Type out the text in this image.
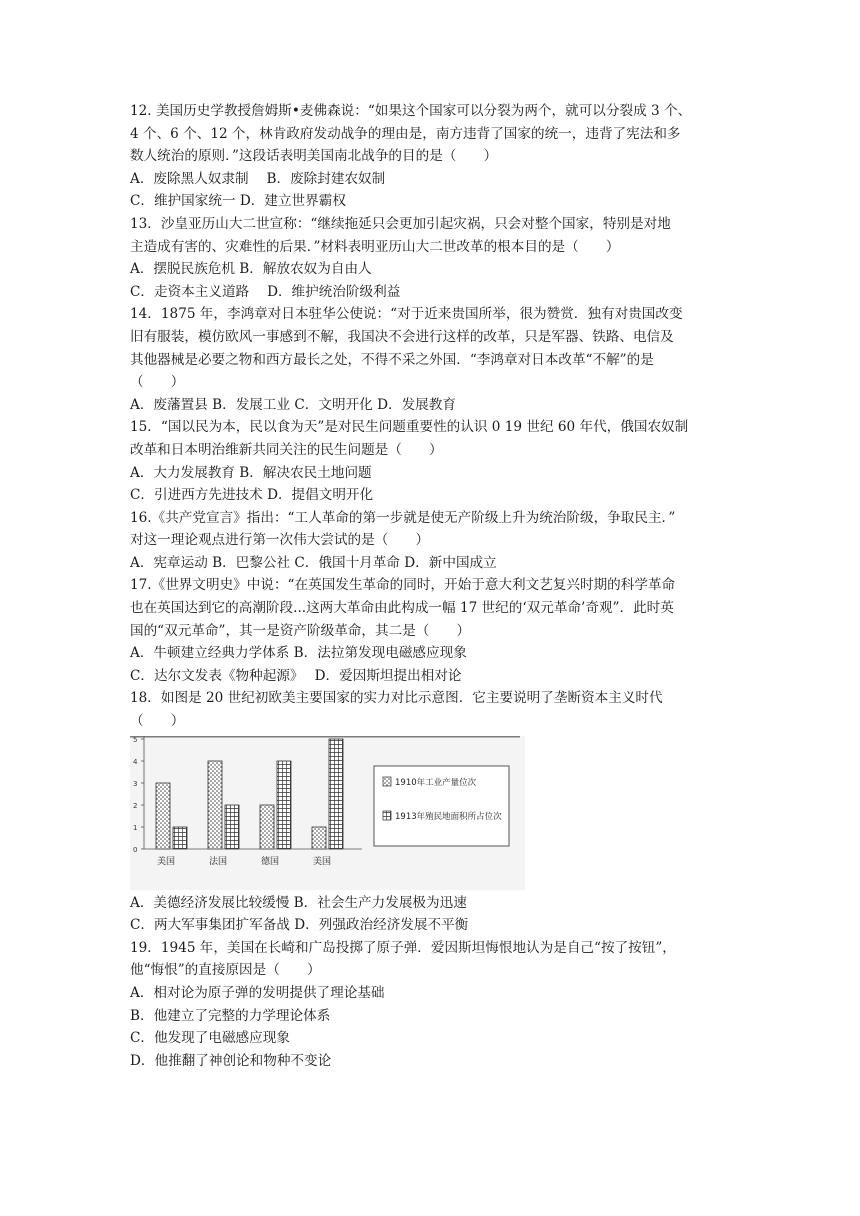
12. 美国历史学教授詹姆斯•麦佛森说：“如果这个国家可以分裂为两个，就可以分裂成 3 个、
4 个、6 个、12 个，林肯政府发动战争的理由是，南方违背了国家的统一，违背了宪法和多
数人统治的原则．”这段话表明美国南北战争的目的是（　　）
A．废除黑人奴隶制　 B．废除封建农奴制
C．维护国家统一 D．建立世界霸权
13．沙皇亚历山大二世宣称：“继续拖延只会更加引起灾祸，只会对整个国家，特别是对地
主造成有害的、灾难性的后果．”材料表明亚历山大二世改革的根本目的是（　　）
A．摆脱民族危机 B．解放农奴为自由人
C．走资本主义道路　 D．维护统治阶级利益
14．1875 年，李鸿章对日本驻华公使说：“对于近来贵国所举，很为赞赏．独有对贵国改变
旧有服装，模仿欧风一事感到不解，我国决不会进行这样的改革，只是军器、铁路、电信及
其他器械是必要之物和西方最长之处，不得不采之外国．“李鸿章对日本改革“不解”的是
（　　）
A．废藩置县 B．发展工业 C．文明开化 D．发展教育
15．“国以民为本，民以食为天”是对民生问题重要性的认识 0 19 世纪 60 年代，俄国农奴制
改革和日本明治维新共同关注的民生问题是（　　）
A．大力发展教育 B．解决农民土地问题
C．引进西方先进技术 D．提倡文明开化
16.《共产党宣言》指出：“工人革命的第一步就是使无产阶级上升为统治阶级，争取民主．”
对这一理论观点进行第一次伟大尝试的是（　　）
A．宪章运动 B．巴黎公社 C．俄国十月革命 D．新中国成立
17.《世界文明史》中说：“在英国发生革命的同时，开始于意大利文艺复兴时期的科学革命
也在英国达到它的高潮阶段...这两大革命由此构成一幅 17 世纪的‘双元革命’奇观”．此时英
国的“双元革命”，其一是资产阶级革命，其二是（　　）
A．牛顿建立经典力学体系 B．法拉第发现电磁感应现象
C．达尔文发表《物种起源》　 D．爱因斯坦提出相对论
18．如图是 20 世纪初欧美主要国家的实力对比示意图．它主要说明了垄断资本主义时代
（　　）
0
1
2
3
4
5
美国	法国	德国	美国
1910年工业产量位次
1913年殖民地面积所占位次
A．美德经济发展比较缓慢 B．社会生产力发展极为迅速
C．两大军事集团扩军备战 D．列强政治经济发展不平衡
19．1945 年，美国在长崎和广岛投掷了原子弹．爱因斯坦悔恨地认为是自己“按了按钮”，
他“悔恨”的直接原因是（　　）
A．相对论为原子弹的发明提供了理论基础
B．他建立了完整的力学理论体系
C．他发现了电磁感应现象
D．他推翻了神创论和物种不变论
